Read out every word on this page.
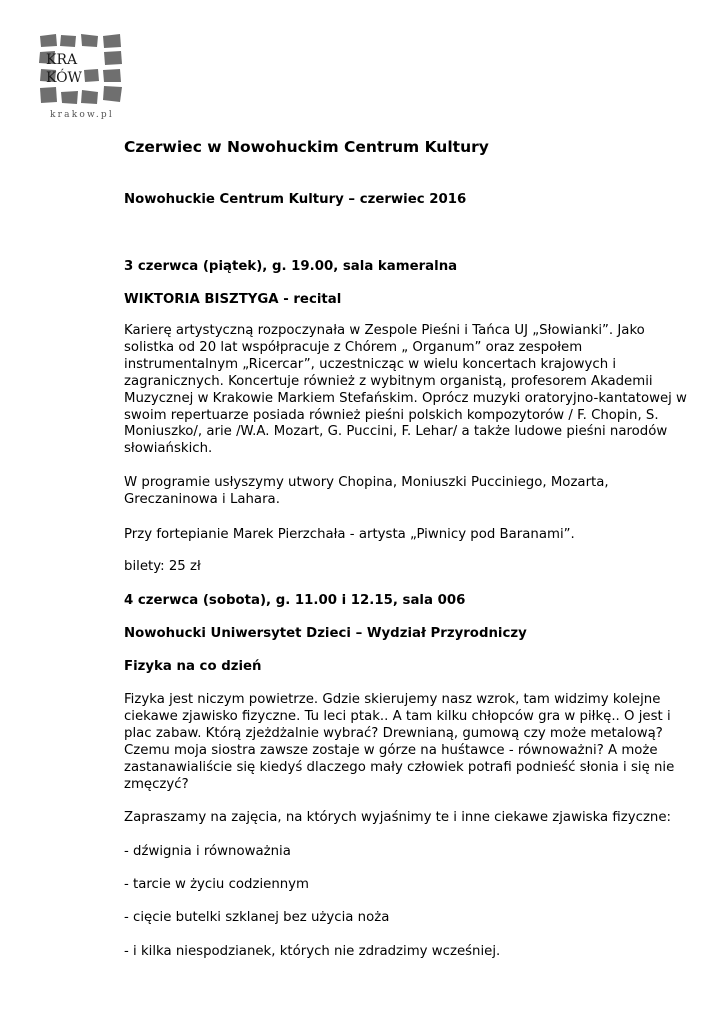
KRA
KÓW
krakow.pl
Czerwiec w Nowohuckim Centrum Kultury
Nowohuckie Centrum Kultury – czerwiec 2016
3 czerwca (piątek), g. 19.00, sala kameralna
WIKTORIA BISZTYGA - recital
Karierę artystyczną rozpoczynała w Zespole Pieśni i Tańca UJ „Słowianki”. Jako
solistka od 20 lat współpracuje z Chórem „ Organum” oraz zespołem
instrumentalnym „Ricercar”, uczestnicząc w wielu koncertach krajowych i
zagranicznych. Koncertuje również z wybitnym organistą, profesorem Akademii
Muzycznej w Krakowie Markiem Stefańskim. Oprócz muzyki oratoryjno-kantatowej w
swoim repertuarze posiada również pieśni polskich kompozytorów / F. Chopin, S.
Moniuszko/, arie /W.A. Mozart, G. Puccini, F. Lehar/ a także ludowe pieśni narodów
słowiańskich.
W programie usłyszymy utwory Chopina, Moniuszki Pucciniego, Mozarta,
Greczaninowa i Lahara.
Przy fortepianie Marek Pierzchała - artysta „Piwnicy pod Baranami”.
bilety: 25 zł
4 czerwca (sobota), g. 11.00 i 12.15, sala 006
Nowohucki Uniwersytet Dzieci – Wydział Przyrodniczy
Fizyka na co dzień
Fizyka jest niczym powietrze. Gdzie skierujemy nasz wzrok, tam widzimy kolejne
ciekawe zjawisko fizyczne. Tu leci ptak.. A tam kilku chłopców gra w piłkę.. O jest i
plac zabaw. Którą zjeżdżalnie wybrać? Drewnianą, gumową czy może metalową?
Czemu moja siostra zawsze zostaje w górze na huśtawce - równoważni? A może
zastanawialiście się kiedyś dlaczego mały człowiek potrafi podnieść słonia i się nie
zmęczyć?
Zapraszamy na zajęcia, na których wyjaśnimy te i inne ciekawe zjawiska fizyczne:
- dźwignia i równoważnia
- tarcie w życiu codziennym
- cięcie butelki szklanej bez użycia noża
- i kilka niespodzianek, których nie zdradzimy wcześniej.
